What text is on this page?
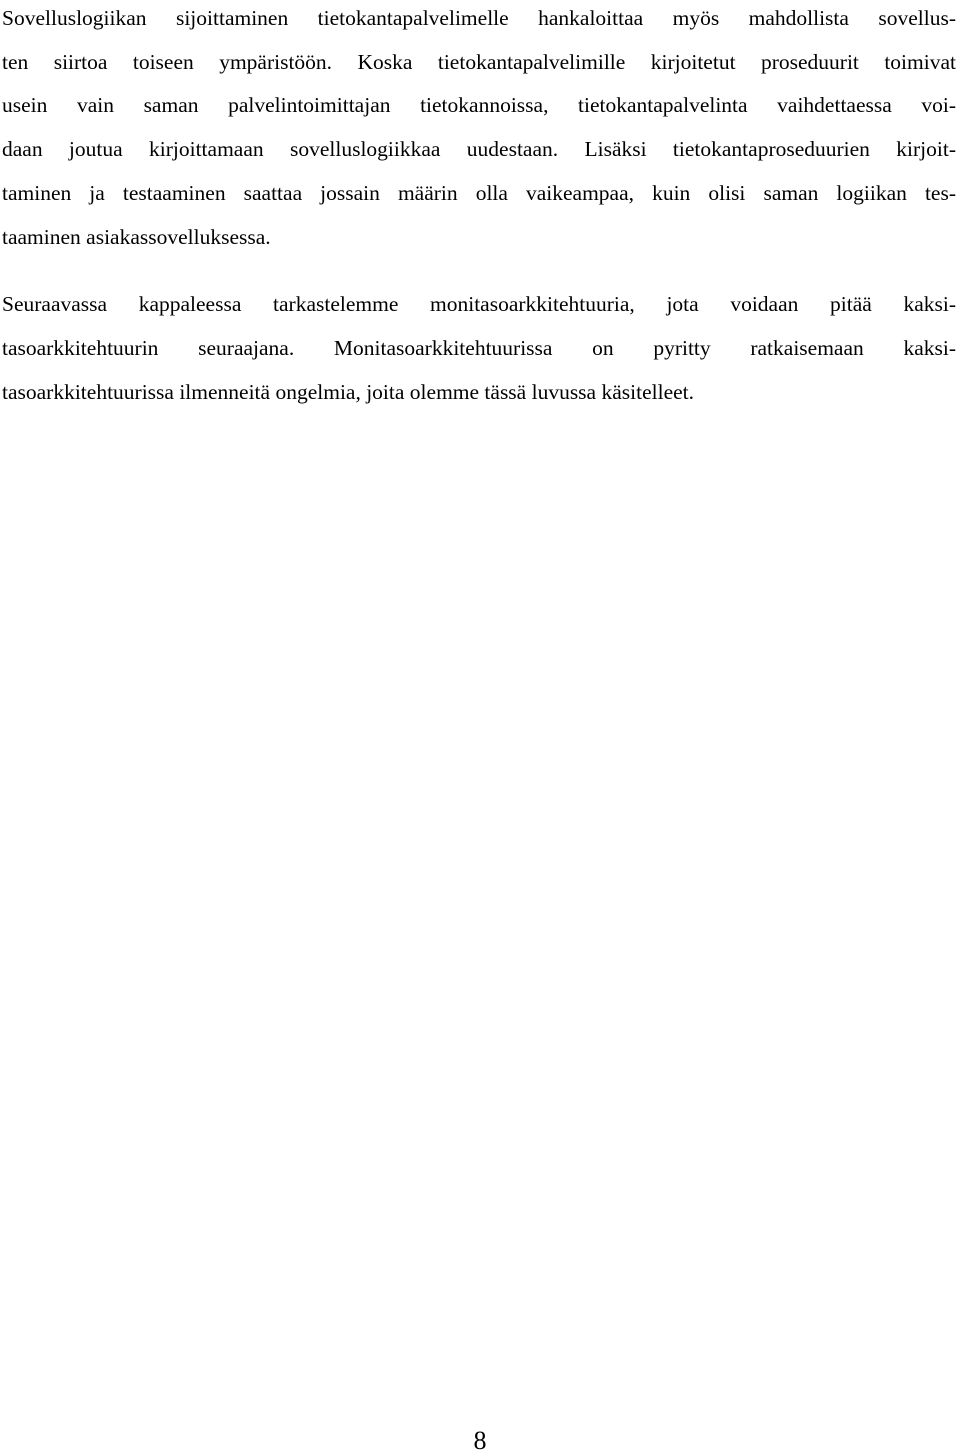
Sovelluslogiikan sijoittaminen tietokantapalvelimelle hankaloittaa myös mahdollista sovellus-
ten siirtoa toiseen ympäristöön. Koska tietokantapalvelimille kirjoitetut proseduurit toimivat
usein vain saman palvelintoimittajan tietokannoissa, tietokantapalvelinta vaihdettaessa voi-
daan joutua kirjoittamaan sovelluslogiikkaa uudestaan. Lisäksi tietokantaproseduurien kirjoit-
taminen ja testaaminen saattaa jossain määrin olla vaikeampaa, kuin olisi saman logiikan tes-
taaminen asiakassovelluksessa.

Seuraavassa kappaleessa tarkastelemme monitasoarkkitehtuuria, jota voidaan pitää kaksi-
tasoarkkitehtuurin seuraajana. Monitasoarkkitehtuurissa on pyritty ratkaisemaan kaksi-
tasoarkkitehtuurissa ilmenneitä ongelmia, joita olemme tässä luvussa käsitelleet.

8
